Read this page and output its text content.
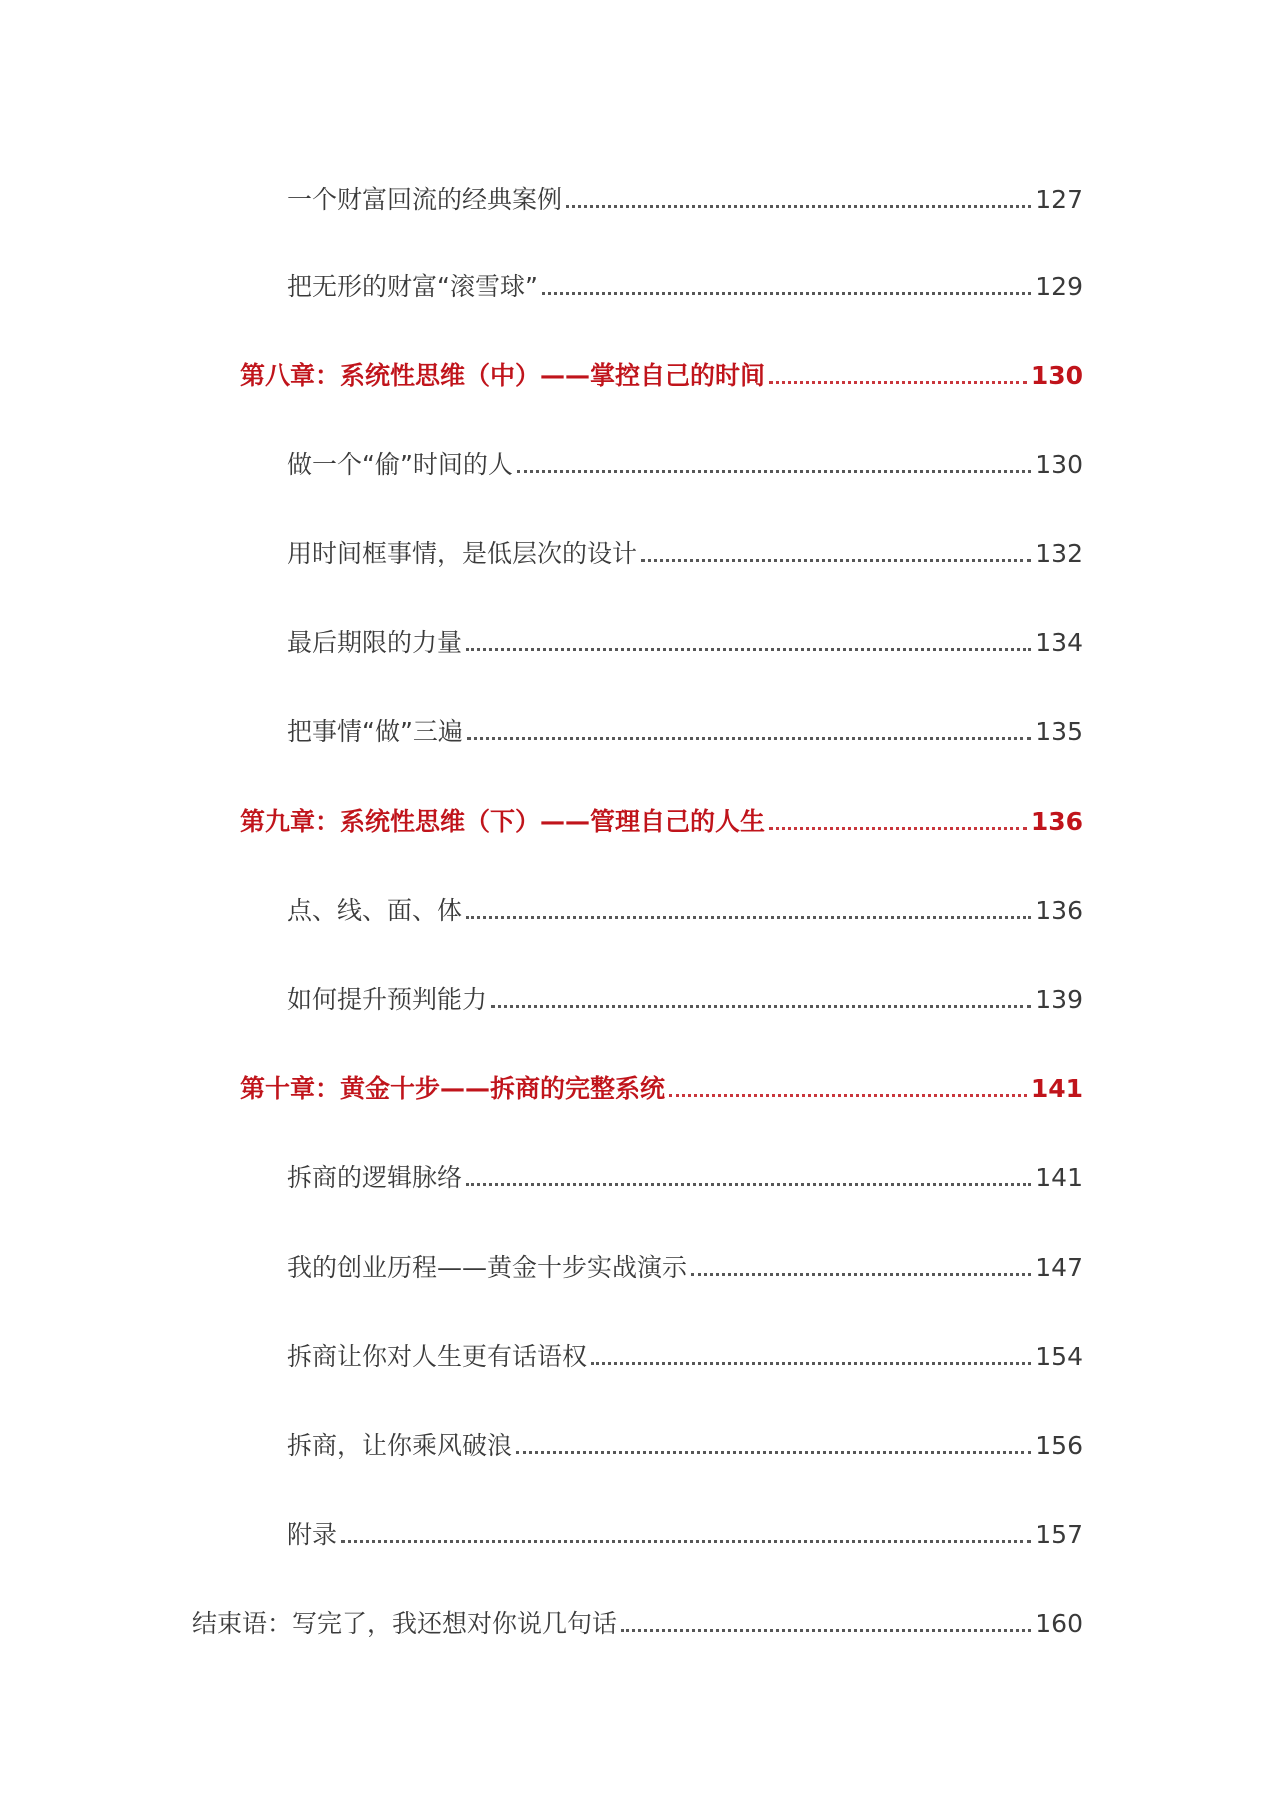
一个财富回流的经典案例	127
把无形的财富“滚雪球”	129
第八章：系统性思维（中）——掌控自己的时间	130
做一个“偷”时间的人	130
用时间框事情，是低层次的设计	132
最后期限的力量	134
把事情“做”三遍	135
第九章：系统性思维（下）——管理自己的人生	136
点、线、面、体	136
如何提升预判能力	139
第十章：黄金十步——拆商的完整系统	141
拆商的逻辑脉络	141
我的创业历程——黄金十步实战演示	147
拆商让你对人生更有话语权	154
拆商，让你乘风破浪	156
附录	157
结束语：写完了，我还想对你说几句话	160
